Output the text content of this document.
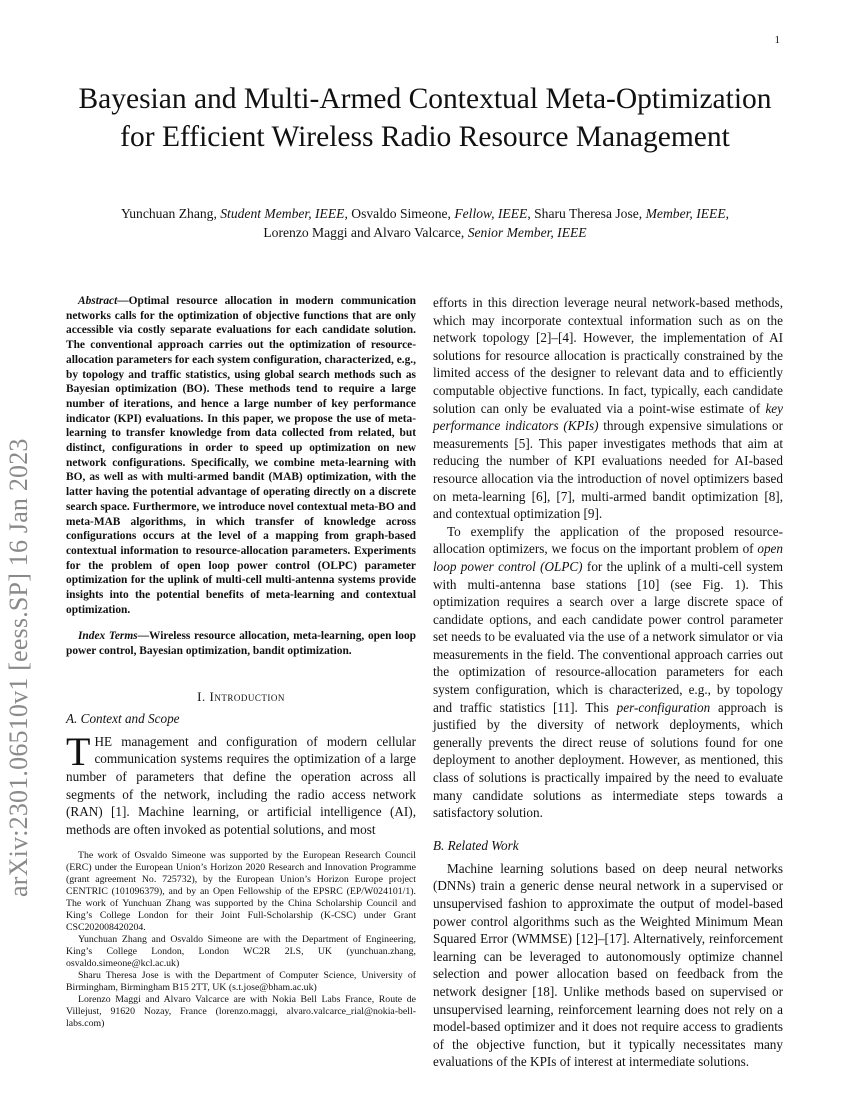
1
arXiv:2301.06510v1 [eess.SP] 16 Jan 2023
Bayesian and Multi-Armed Contextual Meta-Optimization for Efficient Wireless Radio Resource Management
Yunchuan Zhang, Student Member, IEEE, Osvaldo Simeone, Fellow, IEEE, Sharu Theresa Jose, Member, IEEE,
Lorenzo Maggi and Alvaro Valcarce, Senior Member, IEEE

Abstract—Optimal resource allocation in modern communication networks calls for the optimization of objective functions that are only accessible via costly separate evaluations for each candidate solution. The conventional approach carries out the optimization of resource-allocation parameters for each system configuration, characterized, e.g., by topology and traffic statistics, using global search methods such as Bayesian optimization (BO). These methods tend to require a large number of iterations, and hence a large number of key performance indicator (KPI) evaluations. In this paper, we propose the use of meta-learning to transfer knowledge from data collected from related, but distinct, configurations in order to speed up optimization on new network configurations. Specifically, we combine meta-learning with BO, as well as with multi-armed bandit (MAB) optimization, with the latter having the potential advantage of operating directly on a discrete search space. Furthermore, we introduce novel contextual meta-BO and meta-MAB algorithms, in which transfer of knowledge across configurations occurs at the level of a mapping from graph-based contextual information to resource-allocation parameters. Experiments for the problem of open loop power control (OLPC) parameter optimization for the uplink of multi-cell multi-antenna systems provide insights into the potential benefits of meta-learning and contextual optimization.

Index Terms—Wireless resource allocation, meta-learning, open loop power control, Bayesian optimization, bandit optimization.

I. Introduction
A. Context and Scope

THE management and configuration of modern cellular communication systems requires the optimization of a large number of parameters that define the operation across all segments of the network, including the radio access network (RAN) [1]. Machine learning, or artificial intelligence (AI), methods are often invoked as potential solutions, and most

efforts in this direction leverage neural network-based methods, which may incorporate contextual information such as on the network topology [2]–[4]. However, the implementation of AI solutions for resource allocation is practically constrained by the limited access of the designer to relevant data and to efficiently computable objective functions. In fact, typically, each candidate solution can only be evaluated via a point-wise estimate of key performance indicators (KPIs) through expensive simulations or measurements [5]. This paper investigates methods that aim at reducing the number of KPI evaluations needed for AI-based resource allocation via the introduction of novel optimizers based on meta-learning [6], [7], multi-armed bandit optimization [8], and contextual optimization [9].

To exemplify the application of the proposed resource-allocation optimizers, we focus on the important problem of open loop power control (OLPC) for the uplink of a multi-cell system with multi-antenna base stations [10] (see Fig. 1). This optimization requires a search over a large discrete space of candidate options, and each candidate power control parameter set needs to be evaluated via the use of a network simulator or via measurements in the field. The conventional approach carries out the optimization of resource-allocation parameters for each system configuration, which is characterized, e.g., by topology and traffic statistics [11]. This per-configuration approach is justified by the diversity of network deployments, which generally prevents the direct reuse of solutions found for one deployment to another deployment. However, as mentioned, this class of solutions is practically impaired by the need to evaluate many candidate solutions as intermediate steps towards a satisfactory solution.

B. Related Work

Machine learning solutions based on deep neural networks (DNNs) train a generic dense neural network in a supervised or unsupervised fashion to approximate the output of model-based power control algorithms such as the Weighted Minimum Mean Squared Error (WMMSE) [12]–[17]. Alternatively, reinforcement learning can be leveraged to autonomously optimize channel selection and power allocation based on feedback from the network designer [18]. Unlike methods based on supervised or unsupervised learning, reinforcement learning does not rely on a model-based optimizer and it does not require access to gradients of the objective function, but it typically necessitates many evaluations of the KPIs of interest at intermediate solutions.

The work of Osvaldo Simeone was supported by the European Research Council (ERC) under the European Union’s Horizon 2020 Research and Innovation Programme (grant agreement No. 725732), by the European Union’s Horizon Europe project CENTRIC (101096379), and by an Open Fellowship of the EPSRC (EP/W024101/1). The work of Yunchuan Zhang was supported by the China Scholarship Council and King’s College London for their Joint Full-Scholarship (K-CSC) under Grant CSC202008420204.

Yunchuan Zhang and Osvaldo Simeone are with the Department of Engineering, King’s College London, London WC2R 2LS, UK (yunchuan.zhang, osvaldo.simeone@kcl.ac.uk)

Sharu Theresa Jose is with the Department of Computer Science, University of Birmingham, Birmingham B15 2TT, UK (s.t.jose@bham.ac.uk)

Lorenzo Maggi and Alvaro Valcarce are with Nokia Bell Labs France, Route de Villejust, 91620 Nozay, France (lorenzo.maggi, alvaro.valcarce_rial@nokia-bell-labs.com)
